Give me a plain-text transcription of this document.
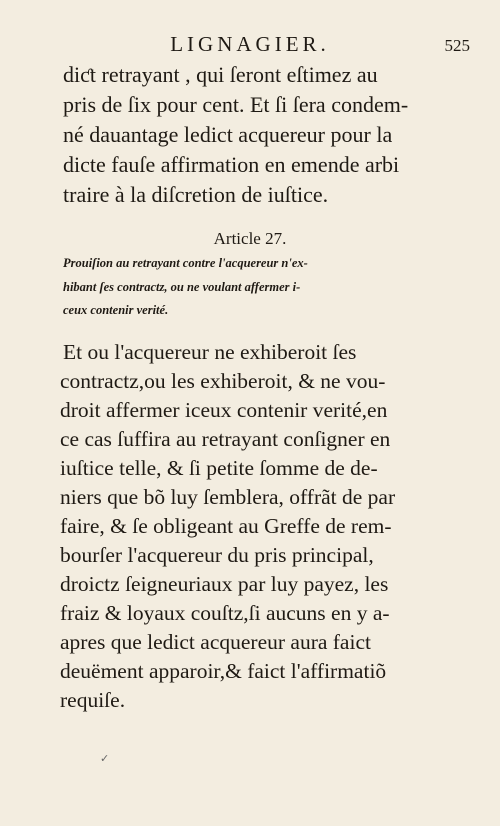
LIGNAGIER.	525
diƈt retrayant , qui ſeront eſtimez au
pris de ſix pour cent. Et ſi ſera condem-
né dauantage ledict acquereur pour la
dicte fauſe affirmation en emende arbi
traire à la diſcretion de iuſtice.
Article 27.
Prouiſion au retrayant contre l'acquereur n'ex-
hibant ſes contractz, ou ne voulant affermer i-
ceux contenir verité.
Et ou l'acquereur ne exhiberoit ſes
contractz,ou les exhiberoit, & ne vou-
droit affermer iceux contenir verité,en
ce cas ſuffira au retrayant conſigner en
iuſtice telle, & ſi petite ſomme de de-
niers que bõ luy ſemblera, offrãt de par
faire, & ſe obligeant au Greffe de rem-
bourſer l'acquereur du pris principal,
droictz ſeigneuriaux par luy payez, les
fraiz & loyaux couſtz,ſi aucuns en y a-
apres que ledict acquereur aura faict
deuëment apparoir,& faict l'affirmatiõ
requiſe.
✓
